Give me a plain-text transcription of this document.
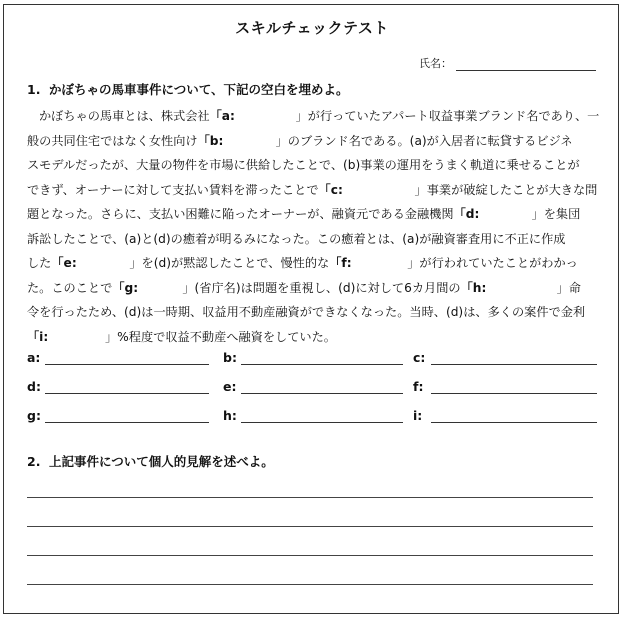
スキルチェックテスト
氏名：
1. かぼちゃの馬車事件について、下記の空白を埋めよ。
かぼちゃの馬車とは、株式会社「a:	」が行っていたアパート収益事業ブランド名であり、一
般の共同住宅ではなく女性向け「b:	」のブランド名である。(a)が入居者に転貸するビジネ
スモデルだったが、大量の物件を市場に供給したことで、(b)事業の運用をうまく軌道に乗せることが
できず、オーナーに対して支払い賃料を滞ったことで「c:	」事業が破綻したことが大きな問
題となった。さらに、支払い困難に陥ったオーナーが、融資元である金融機関「d:	」を集団
訴訟したことで、(a)と(d)の癒着が明るみになった。この癒着とは、(a)が融資審査用に不正に作成
した「e:	」を(d)が黙認したことで、慢性的な「f:	」が行われていたことがわかっ
た。このことで「g:	」(省庁名)は問題を重視し、(d)に対して6カ月間の「h:	」命
令を行ったため、(d)は一時期、収益用不動産融資ができなくなった。当時、(d)は、多くの案件で金利
「i:	」%程度で収益不動産へ融資をしていた。
a:	b:	c:
d:	e:	f:
g:	h:	i:
2. 上記事件について個人的見解を述べよ。
